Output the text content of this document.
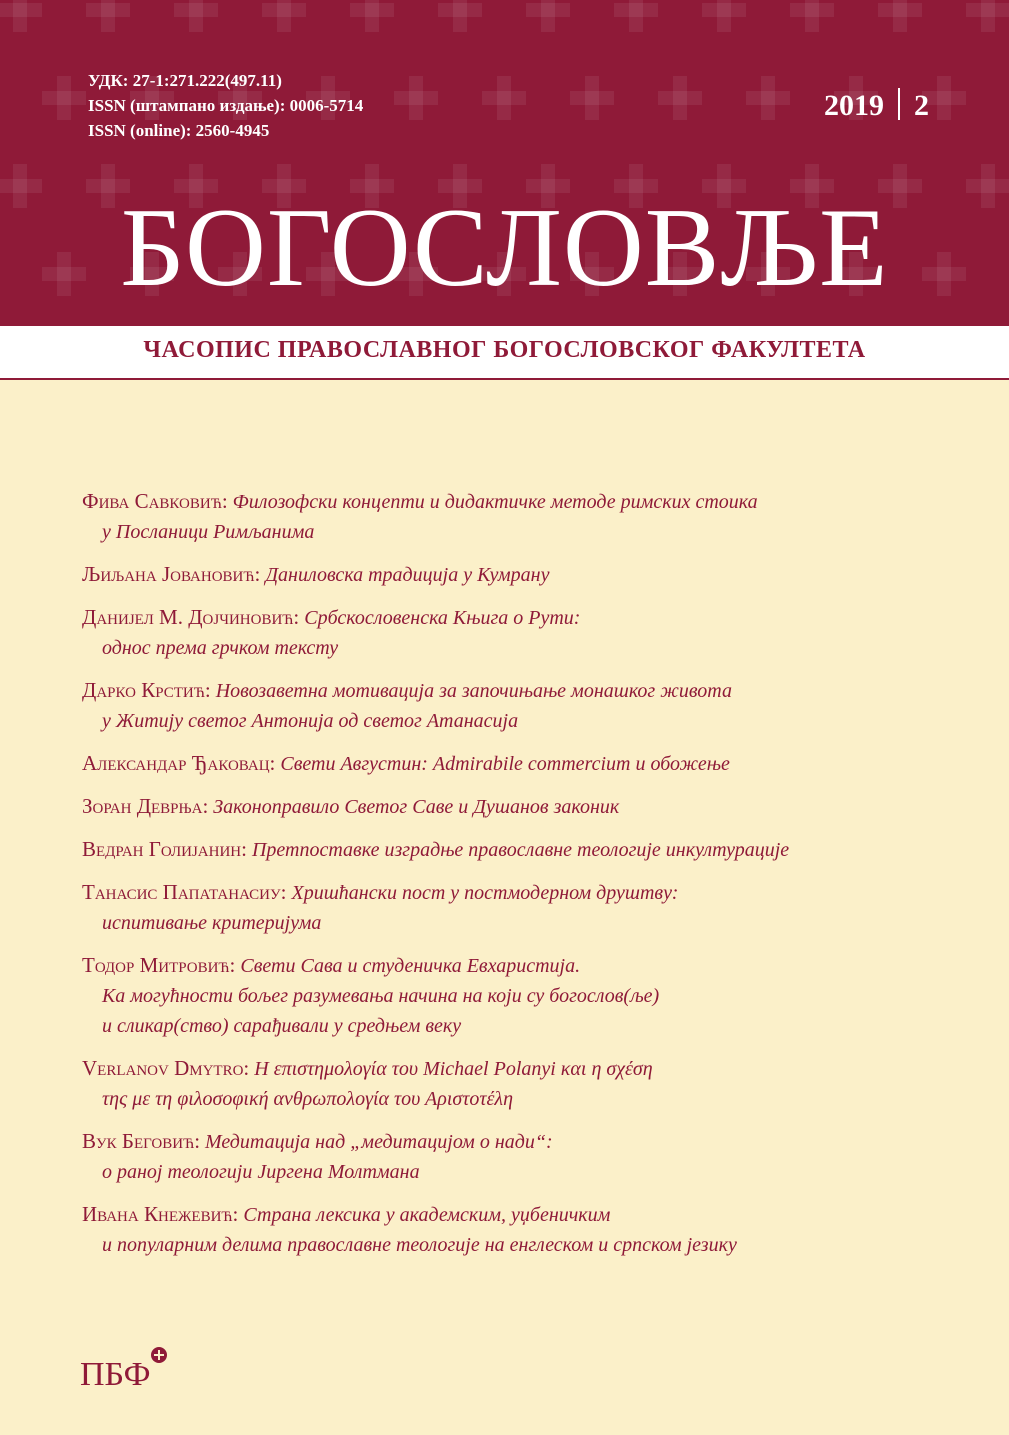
УДК: 27-1:271.222(497.11)
ISSN (штампано издање): 0006-5714
ISSN (online): 2560-4945
2019 2
БОГОСЛОВЉЕ
ЧАСОПИС ПРАВОСЛАВНОГ БОГОСЛОВСКОГ ФАКУЛТЕТА
Фива Савковић: Филозофски концепти и дидактичке методе римских стоика
у Посланици Римљанима
Љиљана Јовановић: Даниловска традиција у Кумрану
Данијел М. Дојчиновић: Србскословенска Књига о Рути:
однос према грчком тексту
Дарко Крстић: Новозаветна мотивација за започињање монашког живота
у Житију светог Антонија од светог Атанасија
Александар Ђаковац: Свети Августин: Admirabile commercium и обожење
Зоран Деврња: Законоправило Светог Саве и Душанов законик
Ведран Голијанин: Претпоставке изградње православне теологије инкултурације
Танасис Папатанасиу: Хришћански пост у постмодерном друштву:
испитивање критеријума
Тодор Митровић: Свети Сава и студеничка Евхаристија.
Ка могућности бољег разумевања начина на који су богослов(ље)
и сликар(ство) сарађивали у средњем веку
Verlanov Dmytro: Η επιστημολογία του Michael Polanyi και η σχέση
της με τη φιλοσοφική ανθρωπολογία του Αριστοτέλη
Вук Беговић: Медитација над „медитацијом о нади“:
о раној теологији Јиргена Молтмана
Ивана Кнежевић: Страна лексика у академским, уџбеничким
и популарним делима православне теологије на енглеском и српском језику
ПБФ
